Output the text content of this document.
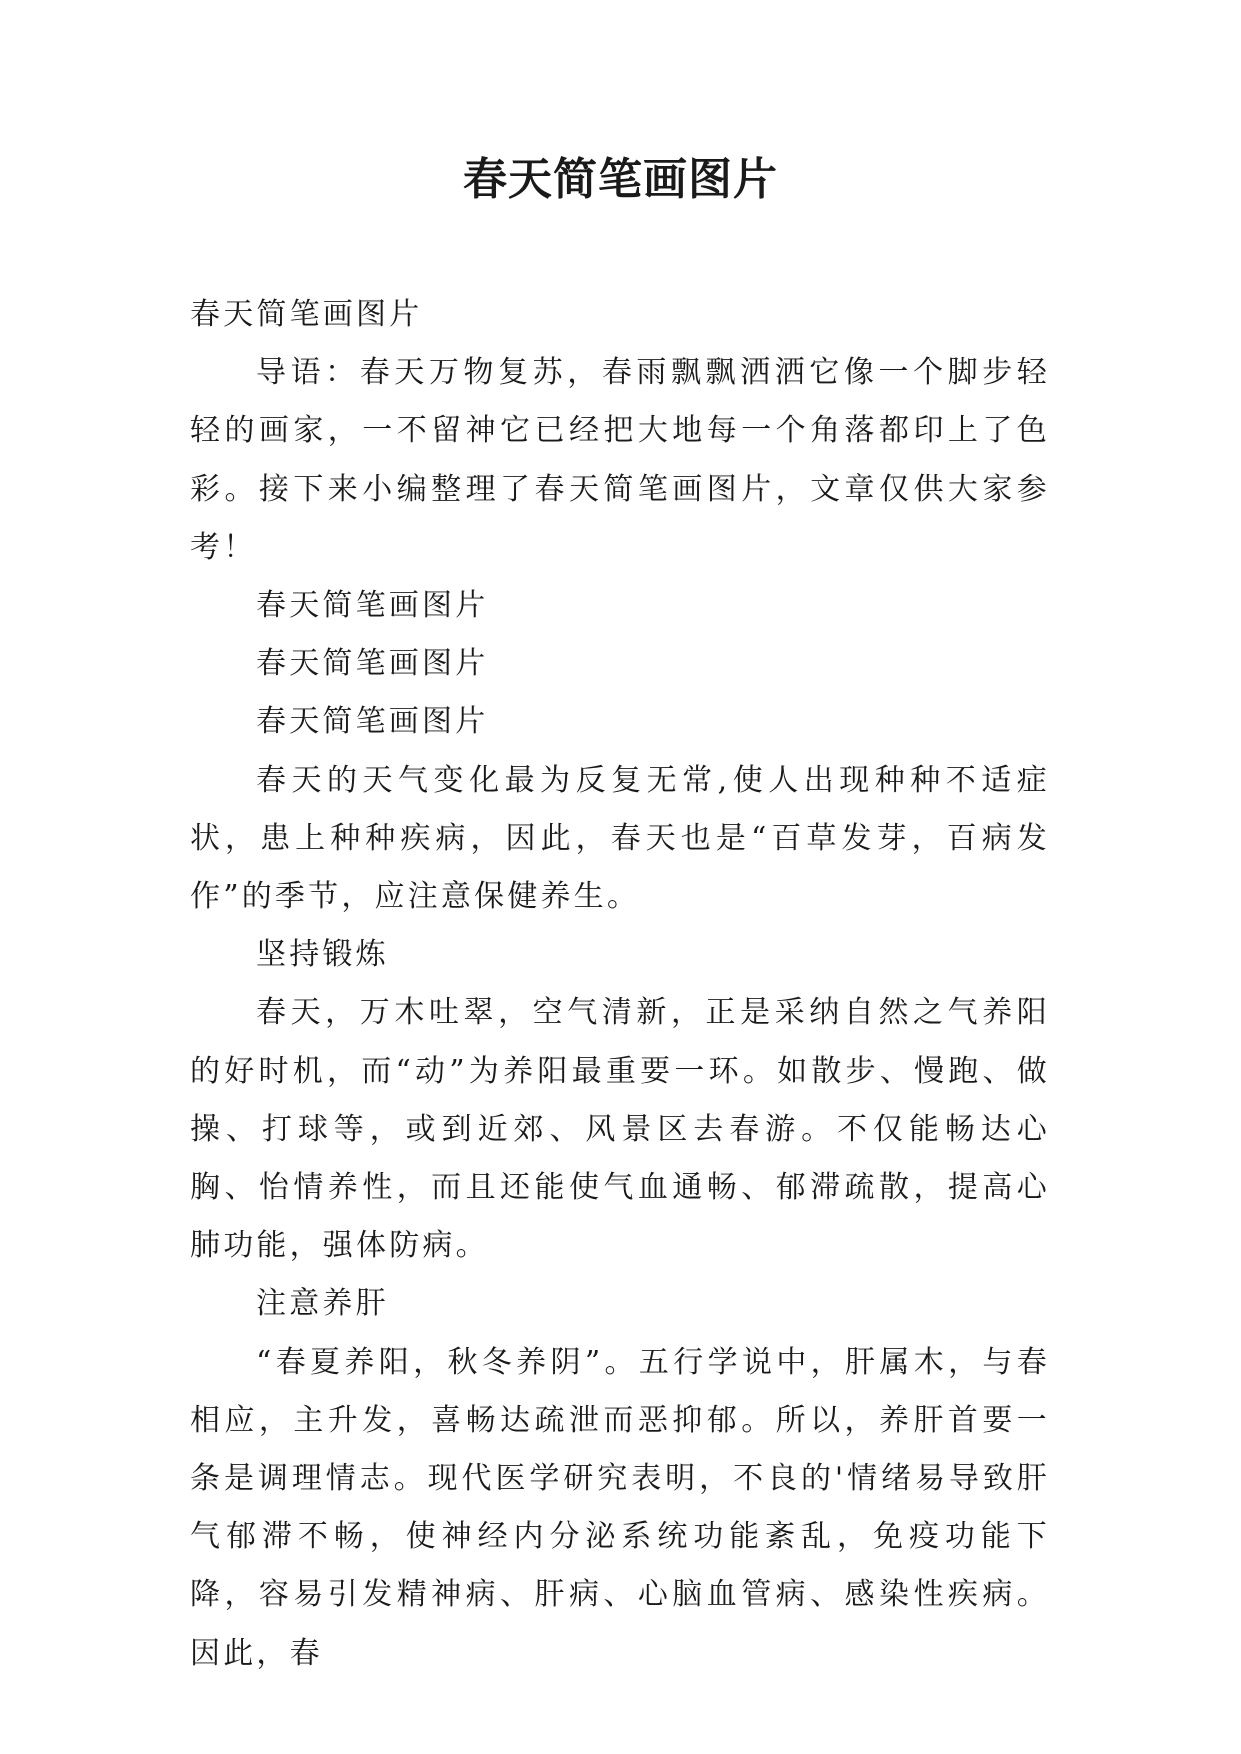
春天简笔画图片

春天简笔画图片

导语：春天万物复苏，春雨飘飘洒洒它像一个脚步轻轻的画家，一不留神它已经把大地每一个角落都印上了色彩。接下来小编整理了春天简笔画图片，文章仅供大家参考！

春天简笔画图片

春天简笔画图片

春天简笔画图片

春天的天气变化最为反复无常,使人出现种种不适症状，患上种种疾病，因此，春天也是“百草发芽，百病发作”的季节，应注意保健养生。

坚持锻炼

春天，万木吐翠，空气清新，正是采纳自然之气养阳的好时机，而“动”为养阳最重要一环。如散步、慢跑、做操、打球等，或到近郊、风景区去春游。不仅能畅达心胸、怡情养性，而且还能使气血通畅、郁滞疏散，提高心肺功能，强体防病。

注意养肝

“春夏养阳，秋冬养阴”。五行学说中，肝属木，与春相应，主升发，喜畅达疏泄而恶抑郁。所以，养肝首要一条是调理情志。现代医学研究表明，不良的'情绪易导致肝气郁滞不畅，使神经内分泌系统功能紊乱，免疫功能下降，容易引发精神病、肝病、心脑血管病、感染性疾病。因此，春
